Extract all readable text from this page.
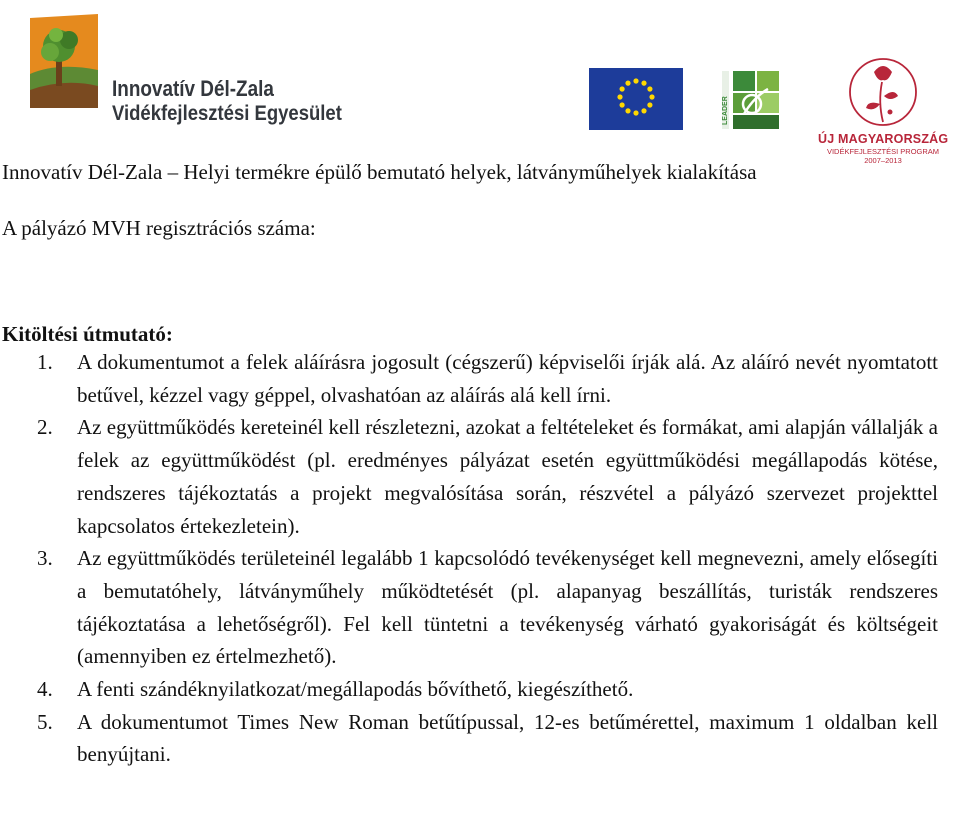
Innovatív Dél-Zala
Vidékfejlesztési Egyesület	LEADER
ÚJ MAGYARORSZÁG
VIDÉKFEJLESZTÉSI PROGRAM
2007–2013
Innovatív Dél-Zala – Helyi termékre épülő bemutató helyek, látványműhelyek kialakítása
A pályázó MVH regisztrációs száma:
Kitöltési útmutató:
1. A dokumentumot a felek aláírásra jogosult (cégszerű) képviselői írják alá. Az aláíró nevét nyomtatott betűvel, kézzel vagy géppel, olvashatóan az aláírás alá kell írni.
2. Az együttműködés kereteinél kell részletezni, azokat a feltételeket és formákat, ami alapján vállalják a felek az együttműködést (pl. eredményes pályázat esetén együttműködési megállapodás kötése, rendszeres tájékoztatás a projekt megvalósítása során, részvétel a pályázó szervezet projekttel kapcsolatos értekezletein).
3. Az együttműködés területeinél legalább 1 kapcsolódó tevékenységet kell megnevezni, amely elősegíti a bemutatóhely, látványműhely működtetését (pl. alapanyag beszállítás, turisták rendszeres tájékoztatása a lehetőségről). Fel kell tüntetni a tevékenység várható gyakoriságát és költségeit (amennyiben ez értelmezhető).
4. A fenti szándéknyilatkozat/megállapodás bővíthető, kiegészíthető.
5. A dokumentumot Times New Roman betűtípussal, 12-es betűmérettel, maximum 1 oldalban kell benyújtani.
